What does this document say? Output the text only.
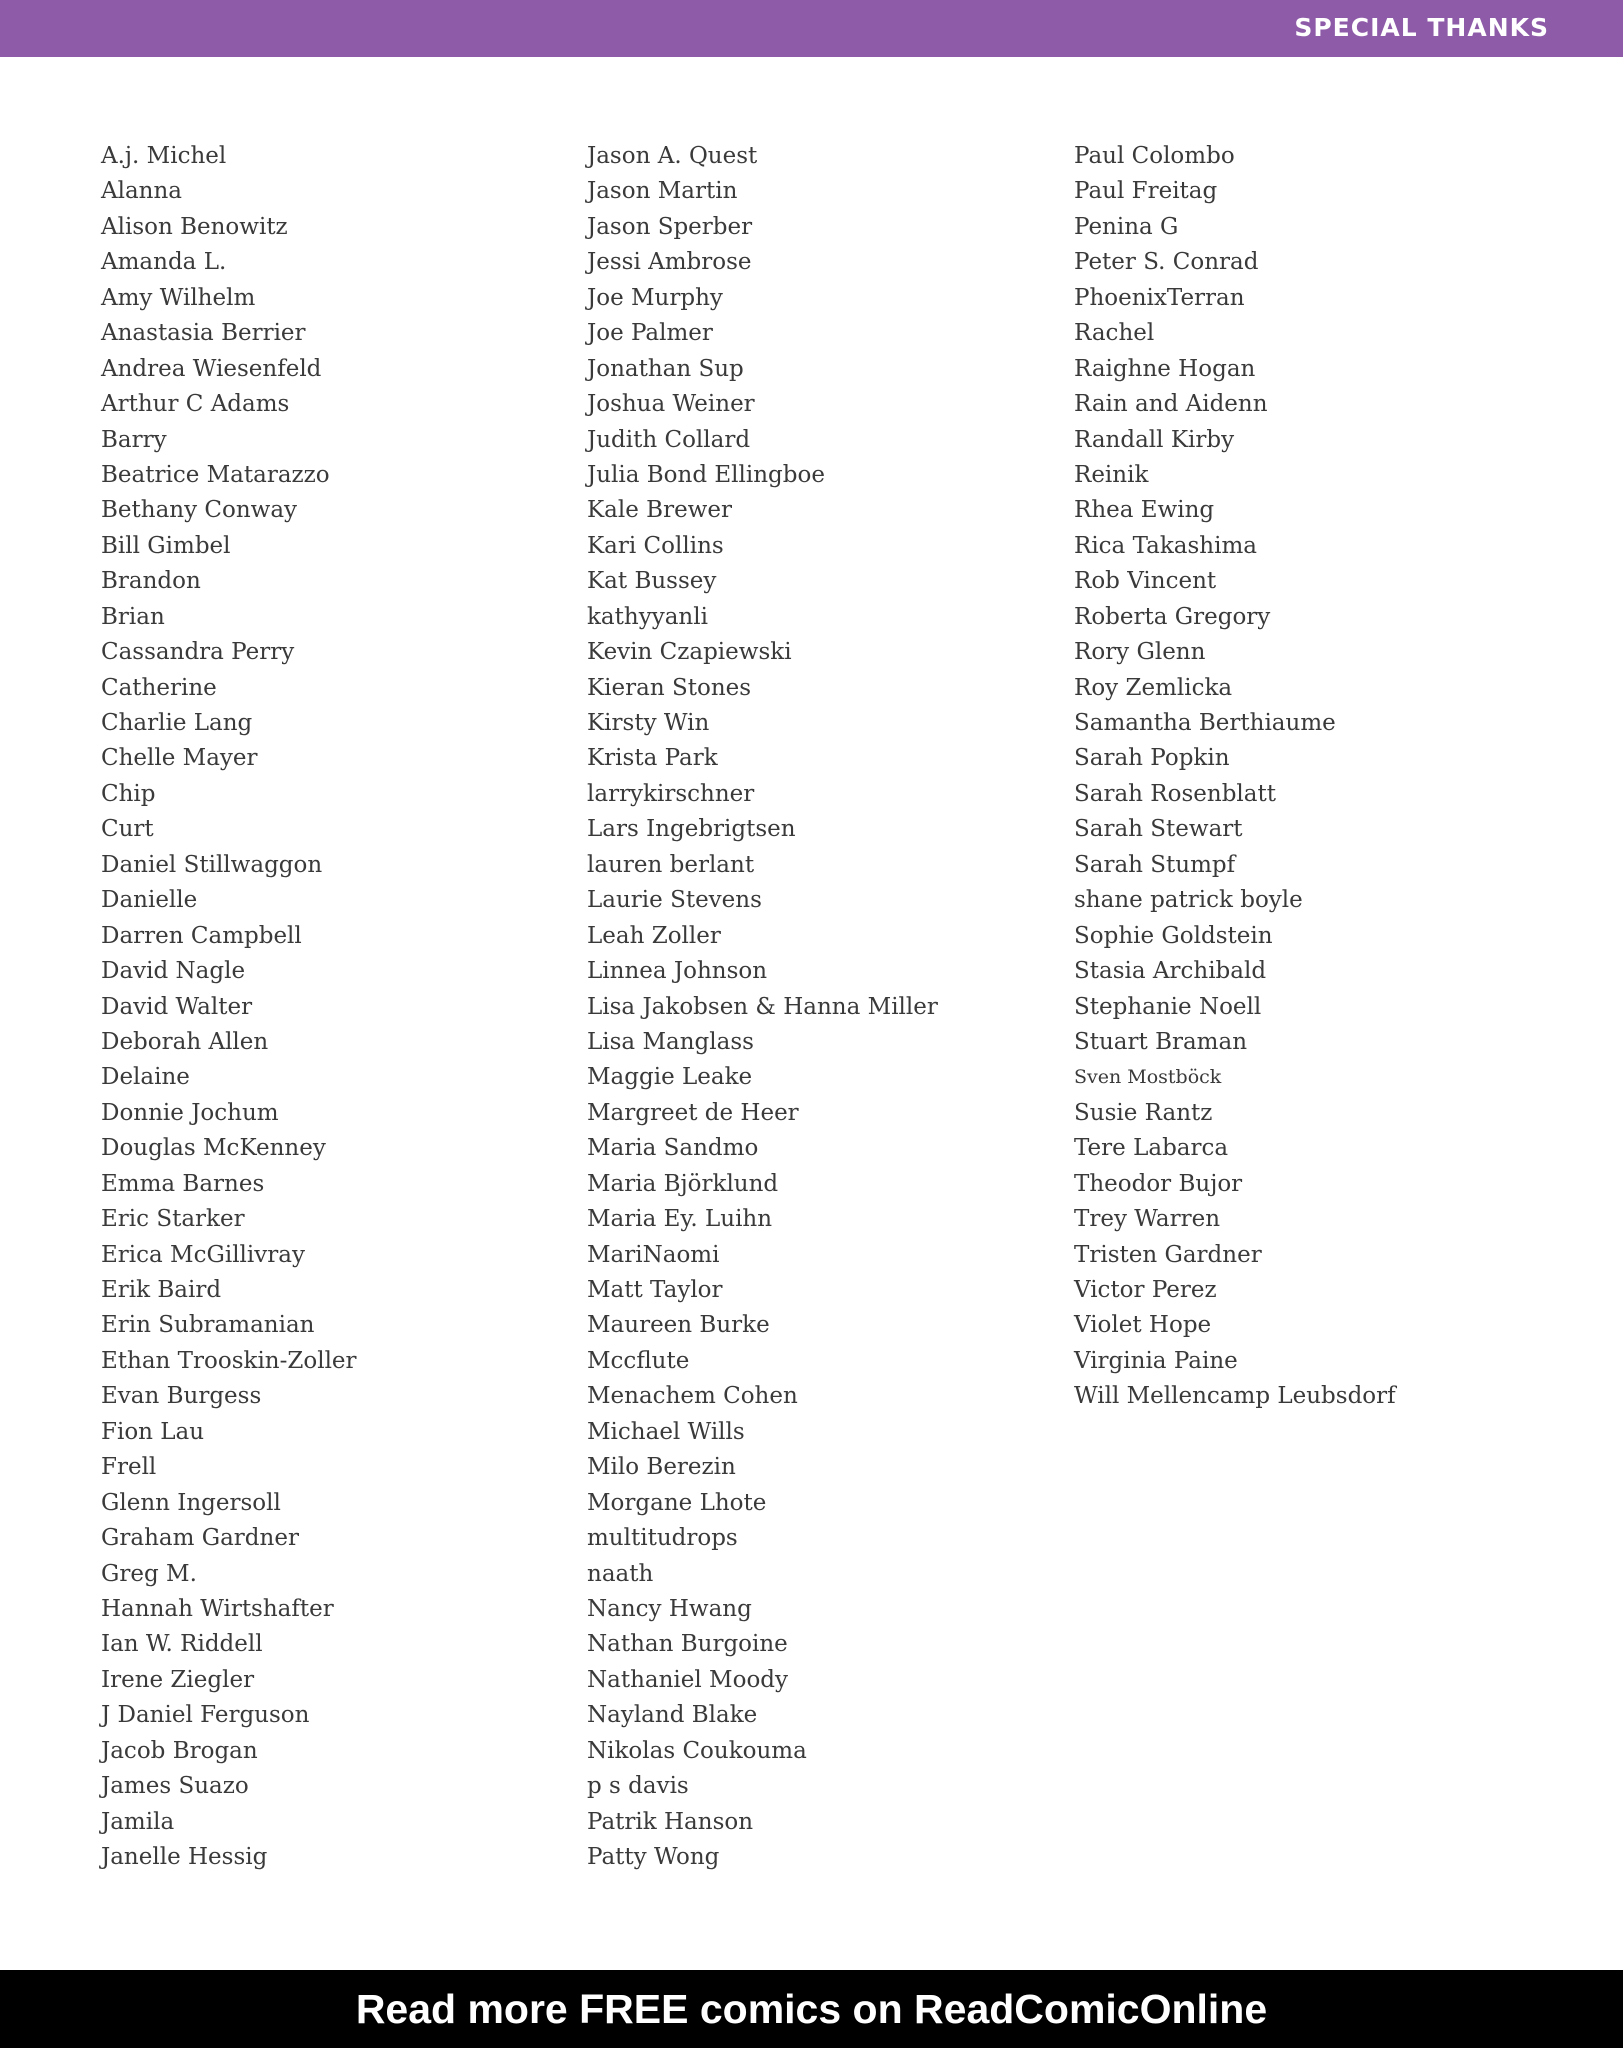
SPECIAL THANKS
A.j. Michel
Alanna
Alison Benowitz
Amanda L.
Amy Wilhelm
Anastasia Berrier
Andrea Wiesenfeld
Arthur C Adams
Barry
Beatrice Matarazzo
Bethany Conway
Bill Gimbel
Brandon
Brian
Cassandra Perry
Catherine
Charlie Lang
Chelle Mayer
Chip
Curt
Daniel Stillwaggon
Danielle
Darren Campbell
David Nagle
David Walter
Deborah Allen
Delaine
Donnie Jochum
Douglas McKenney
Emma Barnes
Eric Starker
Erica McGillivray
Erik Baird
Erin Subramanian
Ethan Trooskin-Zoller
Evan Burgess
Fion Lau
Frell
Glenn Ingersoll
Graham Gardner
Greg M.
Hannah Wirtshafter
Ian W. Riddell
Irene Ziegler
J Daniel Ferguson
Jacob Brogan
James Suazo
Jamila
Janelle Hessig
Jason A. Quest
Jason Martin
Jason Sperber
Jessi Ambrose
Joe Murphy
Joe Palmer
Jonathan Sup
Joshua Weiner
Judith Collard
Julia Bond Ellingboe
Kale Brewer
Kari Collins
Kat Bussey
kathyyanli
Kevin Czapiewski
Kieran Stones
Kirsty Win
Krista Park
larrykirschner
Lars Ingebrigtsen
lauren berlant
Laurie Stevens
Leah Zoller
Linnea Johnson
Lisa Jakobsen & Hanna Miller
Lisa Manglass
Maggie Leake
Margreet de Heer
Maria Sandmo
Maria Björklund
Maria Ey. Luihn
MariNaomi
Matt Taylor
Maureen Burke
Mccflute
Menachem Cohen
Michael Wills
Milo Berezin
Morgane Lhote
multitudrops
naath
Nancy Hwang
Nathan Burgoine
Nathaniel Moody
Nayland Blake
Nikolas Coukouma
p s davis
Patrik Hanson
Patty Wong
Paul Colombo
Paul Freitag
Penina G
Peter S. Conrad
PhoenixTerran
Rachel
Raighne Hogan
Rain and Aidenn
Randall Kirby
Reinik
Rhea Ewing
Rica Takashima
Rob Vincent
Roberta Gregory
Rory Glenn
Roy Zemlicka
Samantha Berthiaume
Sarah Popkin
Sarah Rosenblatt
Sarah Stewart
Sarah Stumpf
shane patrick boyle
Sophie Goldstein
Stasia Archibald
Stephanie Noell
Stuart Braman
Sven Mostböck
Susie Rantz
Tere Labarca
Theodor Bujor
Trey Warren
Tristen Gardner
Victor Perez
Violet Hope
Virginia Paine
Will Mellencamp Leubsdorf
Read more FREE comics on ReadComicOnline
